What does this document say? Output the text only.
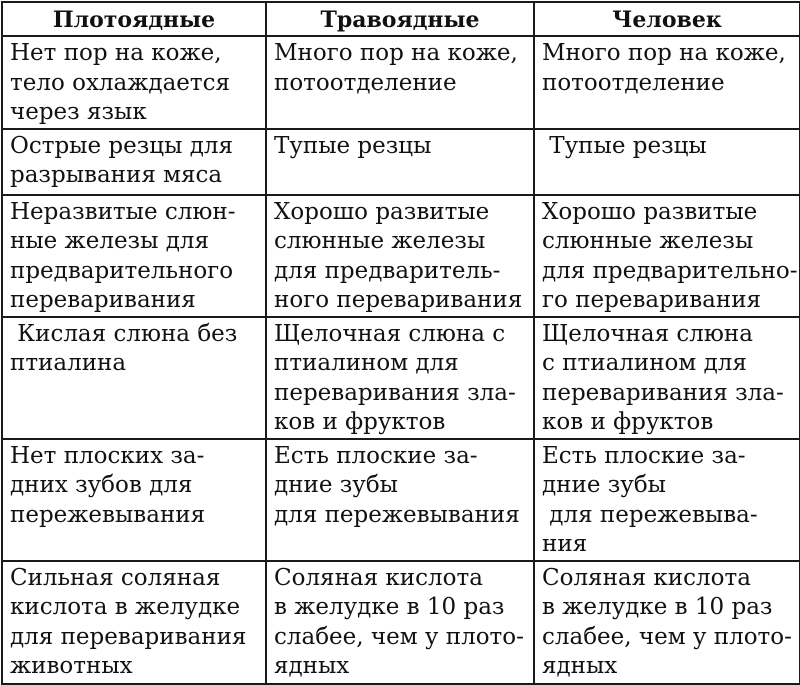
Плотоядные	Травоядные	Человек

Нет пор на коже,
тело охлаждается
через язык	Много пор на коже,
потоотделение	Много пор на коже,
потоотделение

Острые резцы для
разрывания мяса	Тупые резцы	Тупые резцы

Неразвитые слюн-
ные железы для
предварительного
переваривания	Хорошо развитые
слюнные железы
для предваритель-
ного переваривания	Хорошо развитые
слюнные железы
для предварительно-
го переваривания

Кислая слюна без
птиалина	Щелочная слюна с
птиалином для
переваривания зла-
ков и фруктов	Щелочная слюна
с птиалином для
переваривания зла-
ков и фруктов

Нет плоских за-
дних зубов для
пережевывания	Есть плоские за-
дние зубы
для пережевывания	Есть плоские за-
дние зубы
для пережевыва-
ния

Сильная соляная
кислота в желудке
для переваривания
животных	Соляная кислота
в желудке в 10 раз
слабее, чем у плото-
ядных	Соляная кислота
в желудке в 10 раз
слабее, чем у плото-
ядных
